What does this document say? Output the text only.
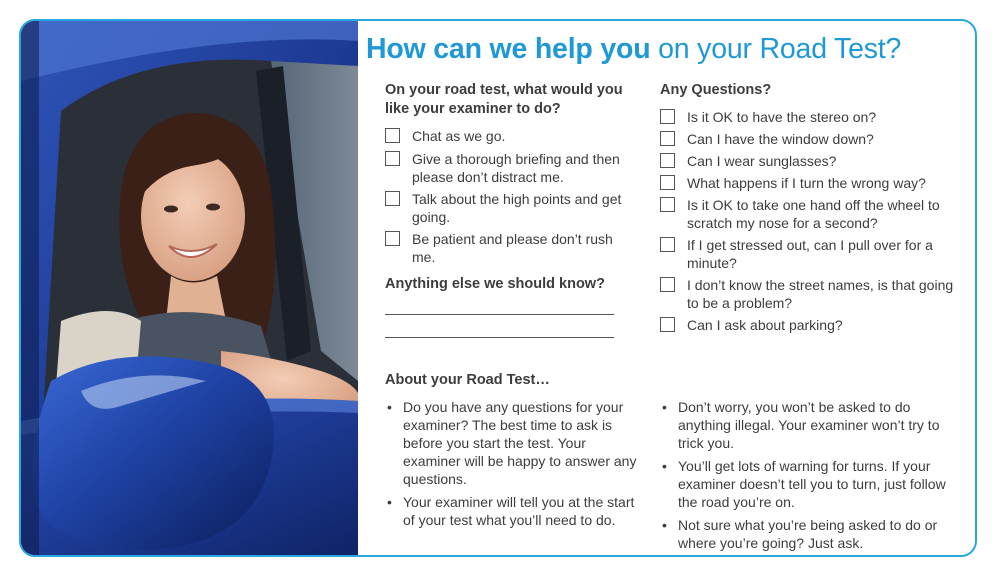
How can we help you on your Road Test?

On your road test, what would you like your examiner to do?

Chat as we go.
Give a thorough briefing and then please don’t distract me.
Talk about the high points and get going.
Be patient and please don’t rush me.

Anything else we should know?

Any Questions?

Is it OK to have the stereo on?
Can I have the window down?
Can I wear sunglasses?
What happens if I turn the wrong way?
Is it OK to take one hand off the wheel to scratch my nose for a second?
If I get stressed out, can I pull over for a minute?
I don’t know the street names, is that going to be a problem?
Can I ask about parking?

About your Road Test…

• Do you have any questions for your examiner? The best time to ask is before you start the test. Your examiner will be happy to answer any questions.
• Your examiner will tell you at the start of your test what you’ll need to do.
• Don’t worry, you won’t be asked to do anything illegal. Your examiner won’t try to trick you.
• You’ll get lots of warning for turns. If your examiner doesn’t tell you to turn, just follow the road you’re on.
• Not sure what you’re being asked to do or where you’re going? Just ask.
